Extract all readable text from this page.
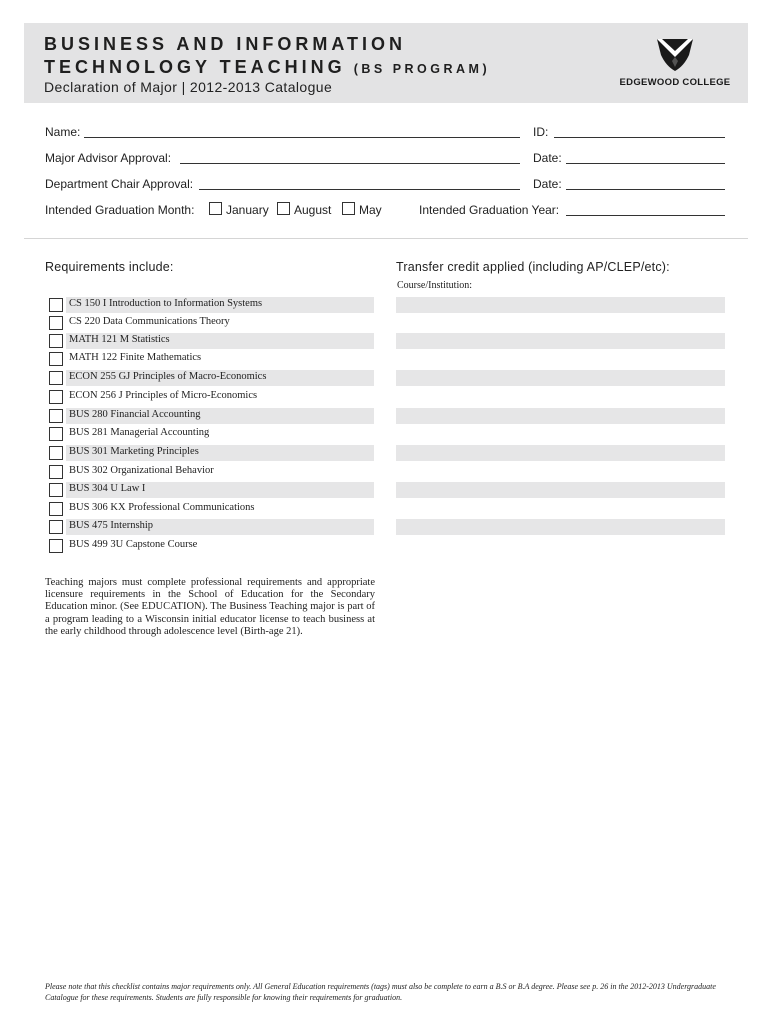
BUSINESS AND INFORMATION
TECHNOLOGY TEACHING (BS PROGRAM)
Declaration of Major | 2012-2013 Catalogue	EDGEWOOD COLLEGE
Name:	ID:
Major Advisor Approval:	Date:
Department Chair Approval:	Date:
Intended Graduation Month:	January August May	Intended Graduation Year:
Requirements include:	Transfer credit applied (including AP/CLEP/etc):
Course/Institution:
CS 150 I Introduction to Information Systems
CS 220 Data Communications Theory
MATH 121 M Statistics
MATH 122 Finite Mathematics
ECON 255 GJ Principles of Macro-Economics
ECON 256 J Principles of Micro-Economics
BUS 280 Financial Accounting
BUS 281 Managerial Accounting
BUS 301 Marketing Principles
BUS 302 Organizational Behavior
BUS 304 U Law I
BUS 306 KX Professional Communications
BUS 475 Internship
BUS 499 3U Capstone Course
Teaching majors must complete professional requirements and appropriate licensure requirements in the School of Education for the Secondary Education minor. (See EDUCATION). The Business Teaching major is part of a program leading to a Wisconsin initial educator license to teach business at the early childhood through adolescence level (Birth-age 21).
Please note that this checklist contains major requirements only. All General Education requirements (tags) must also be complete to earn a B.S or B.A degree. Please see p. 26 in the 2012-2013 Undergraduate Catalogue for these requirements. Students are fully responsible for knowing their requirements for graduation.
